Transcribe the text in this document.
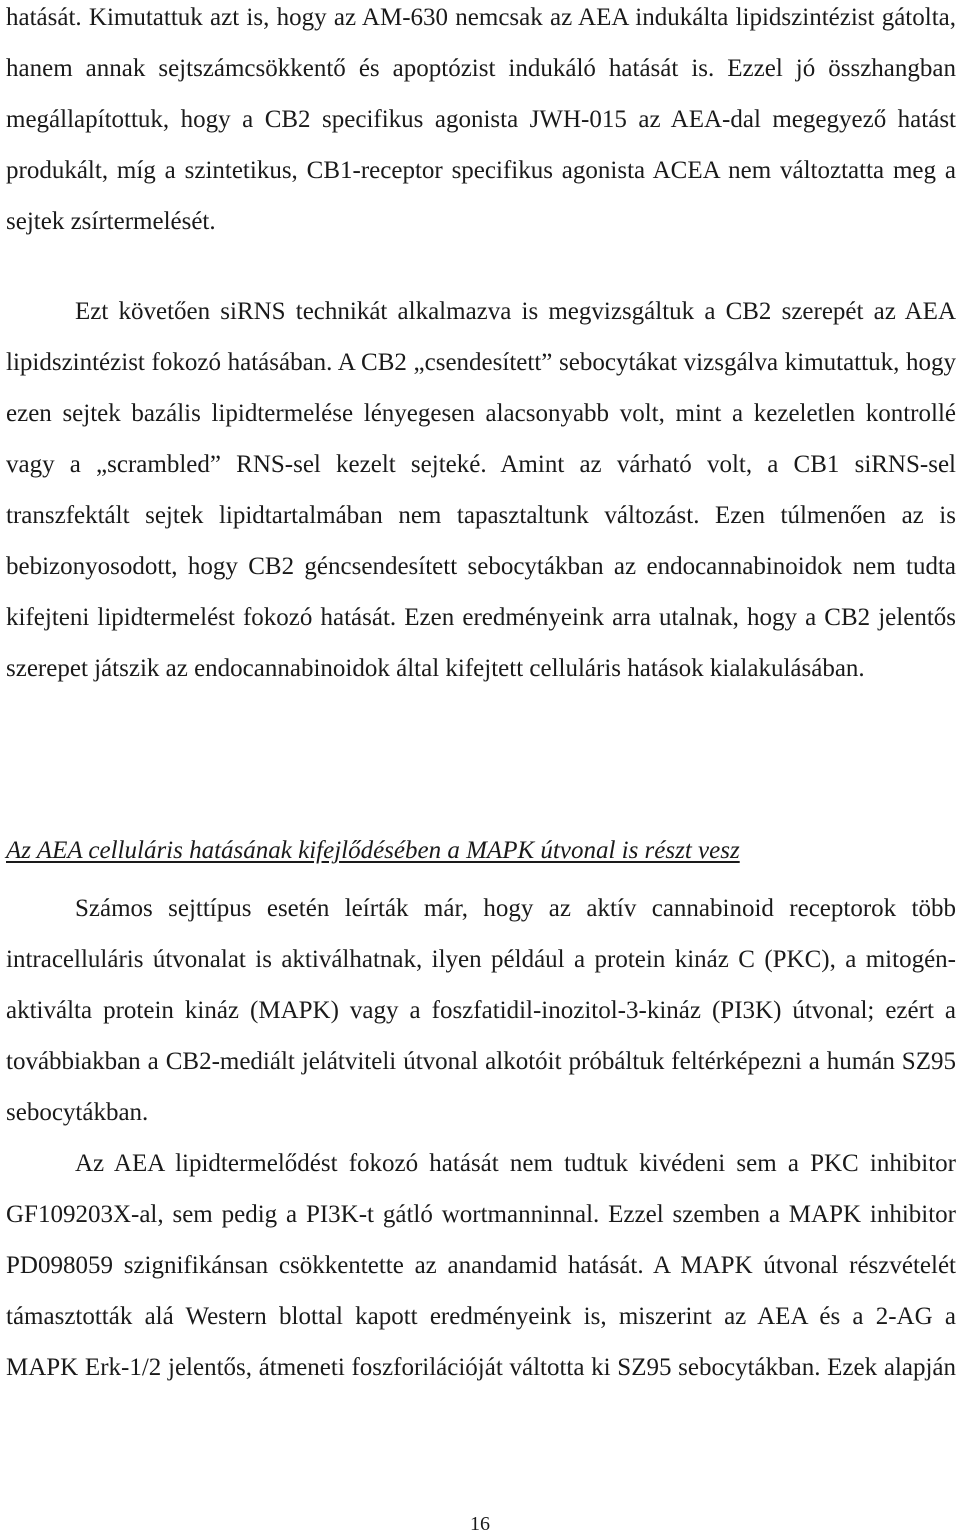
hatását. Kimutattuk azt is, hogy az AM-630 nemcsak az AEA indukálta lipidszintézist gátolta, hanem annak sejtszámcsökkentő és apoptózist indukáló hatását is. Ezzel jó összhangban megállapítottuk, hogy a CB2 specifikus agonista JWH-015 az AEA-dal megegyező hatást produkált, míg a szintetikus, CB1-receptor specifikus agonista ACEA nem változtatta meg a sejtek zsírtermelését.

Ezt követően siRNS technikát alkalmazva is megvizsgáltuk a CB2 szerepét az AEA lipidszintézist fokozó hatásában. A CB2 „csendesített” sebocytákat vizsgálva kimutattuk, hogy ezen sejtek bazális lipidtermelése lényegesen alacsonyabb volt, mint a kezeletlen kontrollé vagy a „scrambled” RNS-sel kezelt sejteké. Amint az várható volt, a CB1 siRNS-sel transzfektált sejtek lipidtartalmában nem tapasztaltunk változást. Ezen túlmenően az is bebizonyosodott, hogy CB2 géncsendesített sebocytákban az endocannabinoidok nem tudta kifejteni lipidtermelést fokozó hatását. Ezen eredményeink arra utalnak, hogy a CB2 jelentős szerepet játszik az endocannabinoidok által kifejtett celluláris hatások kialakulásában.

Az AEA celluláris hatásának kifejlődésében a MAPK útvonal is részt vesz

Számos sejttípus esetén leírták már, hogy az aktív cannabinoid receptorok több intracelluláris útvonalat is aktiválhatnak, ilyen például a protein kináz C (PKC), a mitogén-aktiválta protein kináz (MAPK) vagy a foszfatidil-inozitol-3-kináz (PI3K) útvonal; ezért a továbbiakban a CB2-mediált jelátviteli útvonal alkotóit próbáltuk feltérképezni a humán SZ95 sebocytákban.

Az AEA lipidtermelődést fokozó hatását nem tudtuk kivédeni sem a PKC inhibitor GF109203X-al, sem pedig a PI3K-t gátló wortmanninnal. Ezzel szemben a MAPK inhibitor PD098059 szignifikánsan csökkentette az anandamid hatását. A MAPK útvonal részvételét támasztották alá Western blottal kapott eredményeink is, miszerint az AEA és a 2-AG a MAPK Erk-1/2 jelentős, átmeneti foszforilációját váltotta ki SZ95 sebocytákban. Ezek alapján

16
